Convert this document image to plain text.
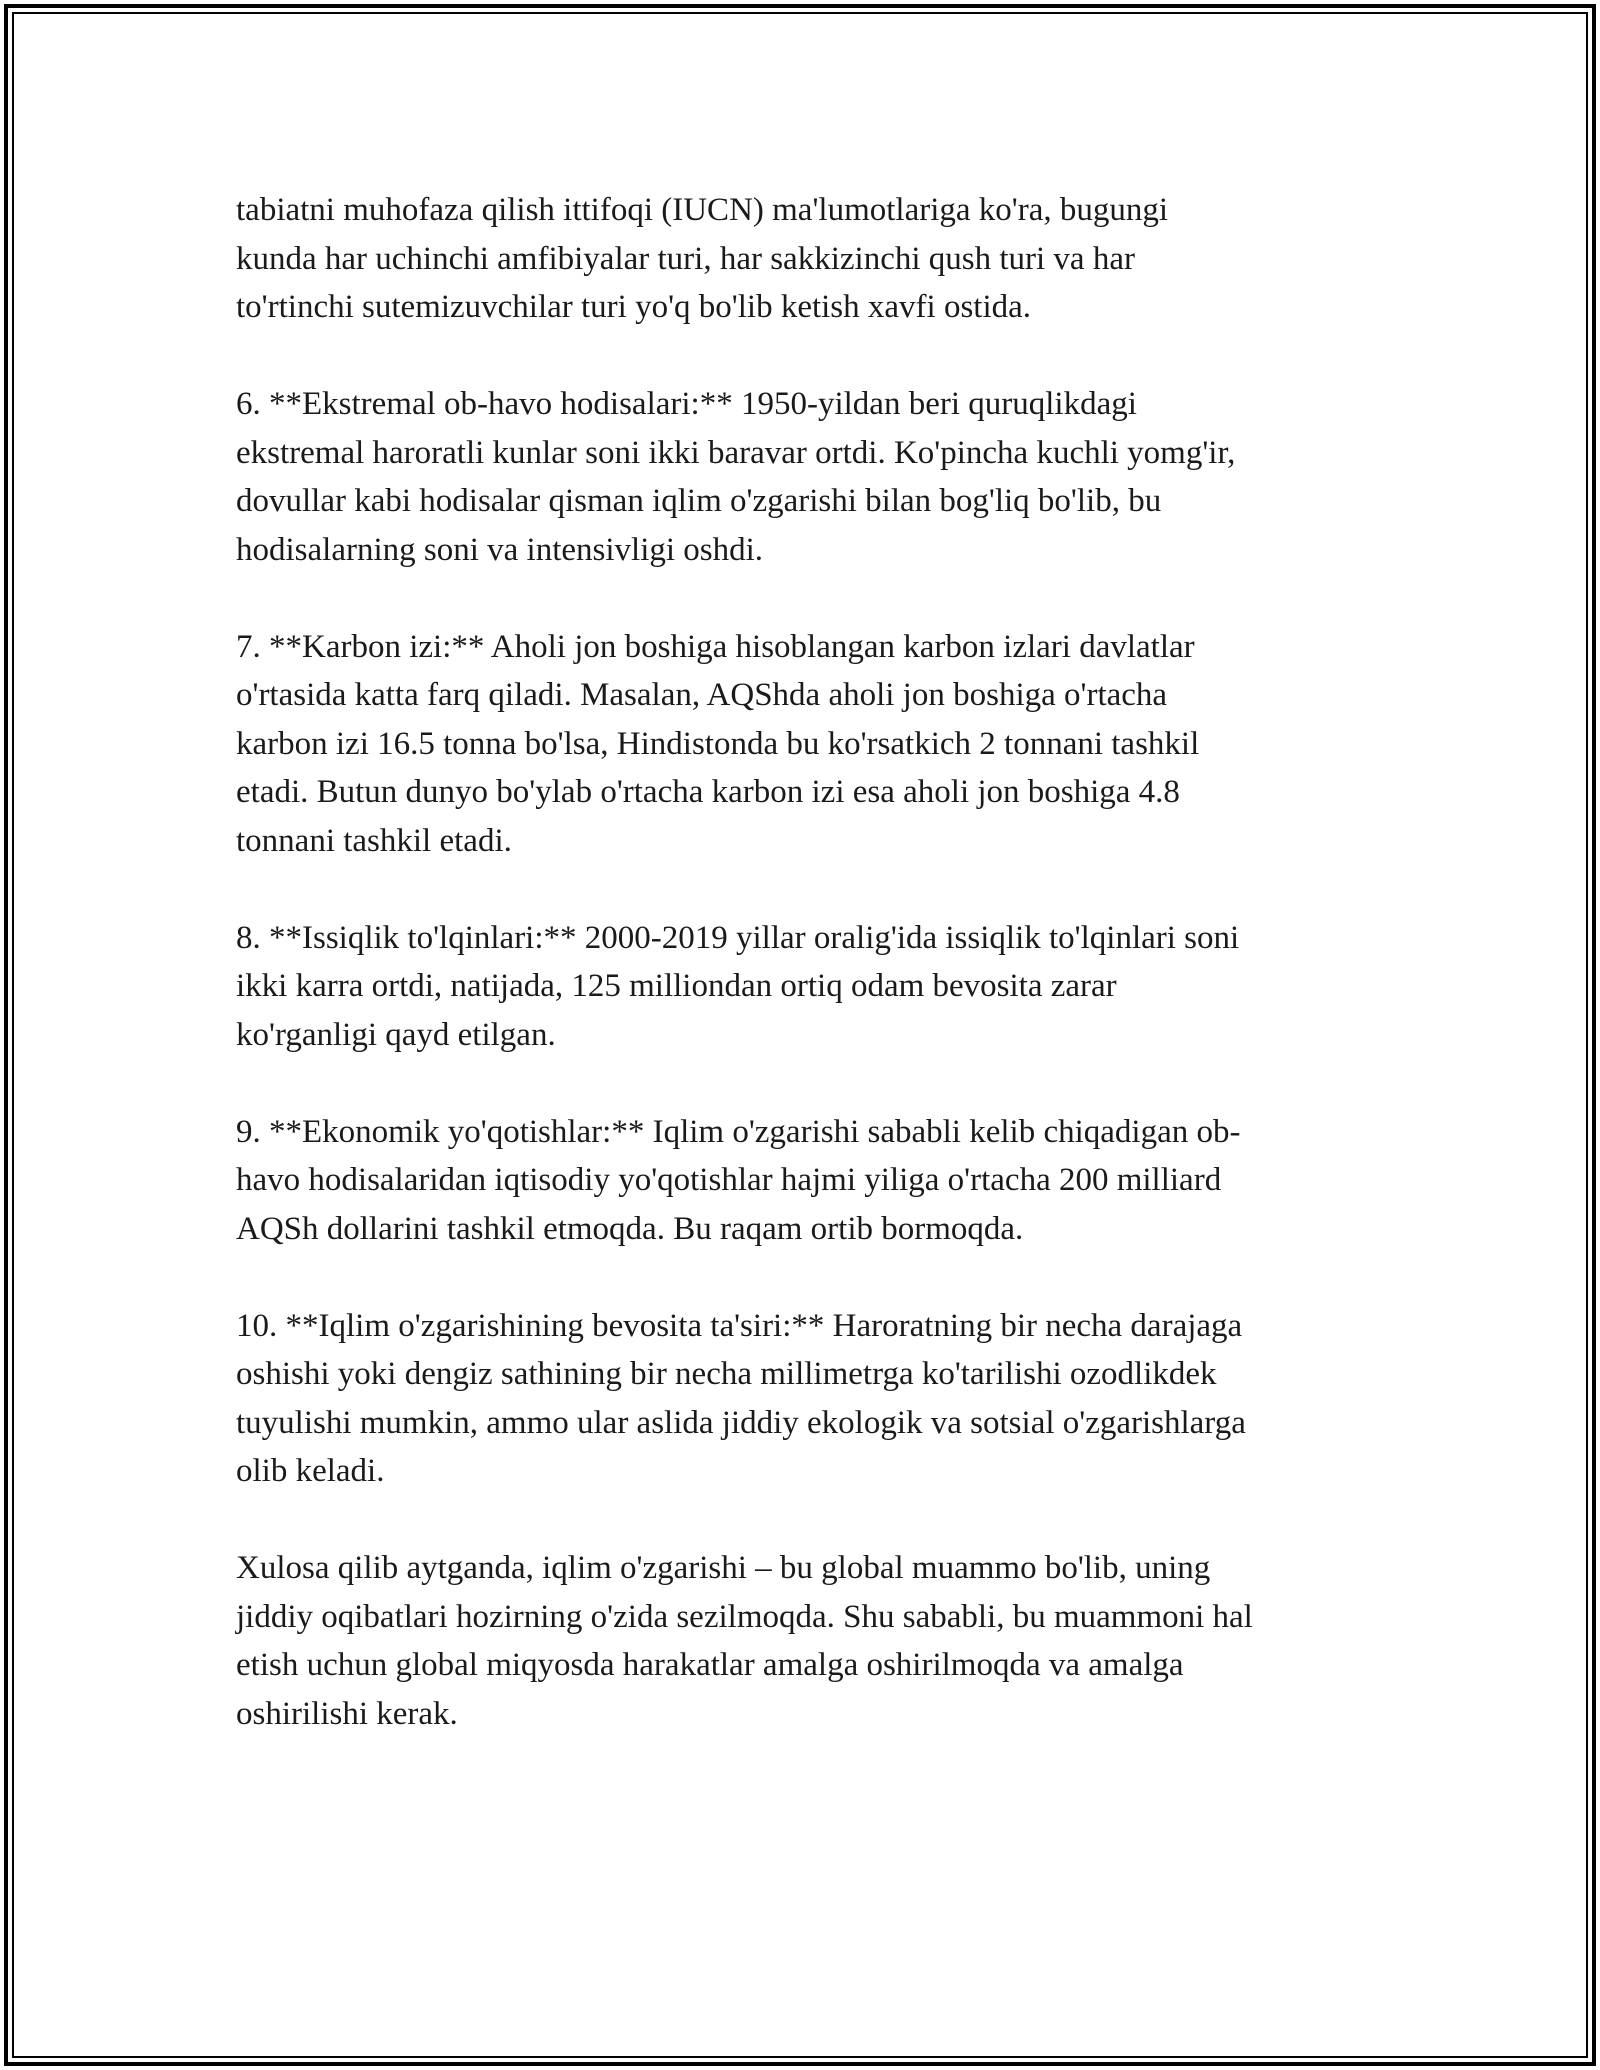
tabiatni muhofaza qilish ittifoqi (IUCN) ma'lumotlariga ko'ra, bugungi
kunda har uchinchi amfibiyalar turi, har sakkizinchi qush turi va har
to'rtinchi sutemizuvchilar turi yo'q bo'lib ketish xavfi ostida.

6. **Ekstremal ob-havo hodisalari:** 1950-yildan beri quruqlikdagi
ekstremal haroratli kunlar soni ikki baravar ortdi. Ko'pincha kuchli yomg'ir,
dovullar kabi hodisalar qisman iqlim o'zgarishi bilan bog'liq bo'lib, bu
hodisalarning soni va intensivligi oshdi.

7. **Karbon izi:** Aholi jon boshiga hisoblangan karbon izlari davlatlar
o'rtasida katta farq qiladi. Masalan, AQShda aholi jon boshiga o'rtacha
karbon izi 16.5 tonna bo'lsa, Hindistonda bu ko'rsatkich 2 tonnani tashkil
etadi. Butun dunyo bo'ylab o'rtacha karbon izi esa aholi jon boshiga 4.8
tonnani tashkil etadi.

8. **Issiqlik to'lqinlari:** 2000-2019 yillar oralig'ida issiqlik to'lqinlari soni
ikki karra ortdi, natijada, 125 milliondan ortiq odam bevosita zarar
ko'rganligi qayd etilgan.

9. **Ekonomik yo'qotishlar:** Iqlim o'zgarishi sababli kelib chiqadigan ob-
havo hodisalaridan iqtisodiy yo'qotishlar hajmi yiliga o'rtacha 200 milliard
AQSh dollarini tashkil etmoqda. Bu raqam ortib bormoqda.

10. **Iqlim o'zgarishining bevosita ta'siri:** Haroratning bir necha darajaga
oshishi yoki dengiz sathining bir necha millimetrga ko'tarilishi ozodlikdek
tuyulishi mumkin, ammo ular aslida jiddiy ekologik va sotsial o'zgarishlarga
olib keladi.

Xulosa qilib aytganda, iqlim o'zgarishi – bu global muammo bo'lib, uning
jiddiy oqibatlari hozirning o'zida sezilmoqda. Shu sababli, bu muammoni hal
etish uchun global miqyosda harakatlar amalga oshirilmoqda va amalga
oshirilishi kerak.
